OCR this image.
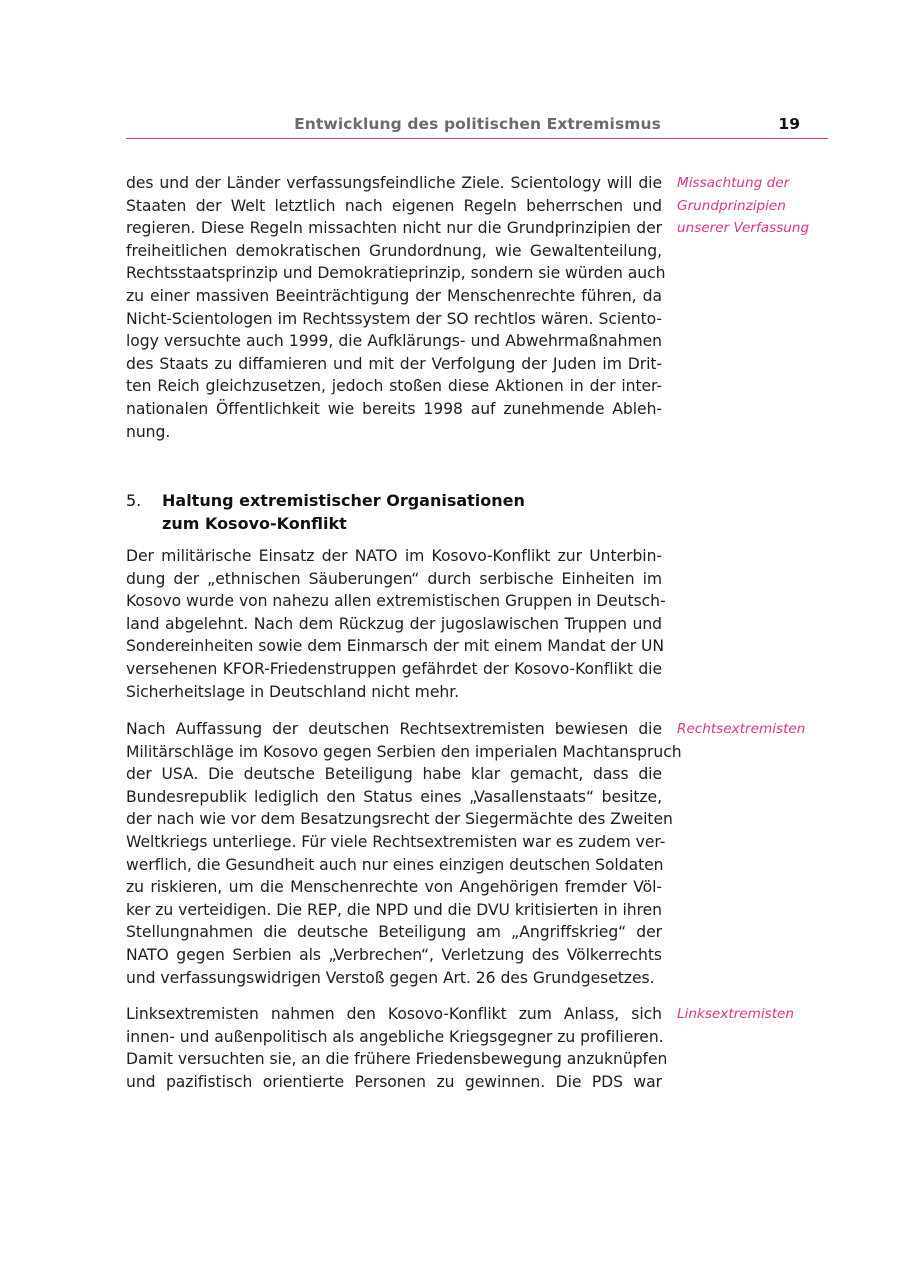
Entwicklung des politischen Extremismus	19
des und der Länder verfassungsfeindliche Ziele. Scientology will die
Staaten der Welt letztlich nach eigenen Regeln beherrschen und
regieren. Diese Regeln missachten nicht nur die Grundprinzipien der
freiheitlichen demokratischen Grundordnung, wie Gewaltenteilung,
Rechtsstaatsprinzip und Demokratieprinzip, sondern sie würden auch
zu einer massiven Beeinträchtigung der Menschenrechte führen, da
Nicht-Scientologen im Rechtssystem der SO rechtlos wären. Sciento-
logy versuchte auch 1999, die Aufklärungs- und Abwehrmaßnahmen
des Staats zu diffamieren und mit der Verfolgung der Juden im Drit-
ten Reich gleichzusetzen, jedoch stoßen diese Aktionen in der inter-
nationalen Öffentlichkeit wie bereits 1998 auf zunehmende Ableh-
nung.
Missachtung der
Grundprinzipien
unserer Verfassung
5. Haltung extremistischer Organisationen
zum Kosovo-Konflikt
Der militärische Einsatz der NATO im Kosovo-Konflikt zur Unterbin-
dung der „ethnischen Säuberungen“ durch serbische Einheiten im
Kosovo wurde von nahezu allen extremistischen Gruppen in Deutsch-
land abgelehnt. Nach dem Rückzug der jugoslawischen Truppen und
Sondereinheiten sowie dem Einmarsch der mit einem Mandat der UN
versehenen KFOR-Friedenstruppen gefährdet der Kosovo-Konflikt die
Sicherheitslage in Deutschland nicht mehr.
Nach Auffassung der deutschen Rechtsextremisten bewiesen die
Militärschläge im Kosovo gegen Serbien den imperialen Machtanspruch
der USA. Die deutsche Beteiligung habe klar gemacht, dass die
Bundesrepublik lediglich den Status eines „Vasallenstaats“ besitze,
der nach wie vor dem Besatzungsrecht der Siegermächte des Zweiten
Weltkriegs unterliege. Für viele Rechtsextremisten war es zudem ver-
werflich, die Gesundheit auch nur eines einzigen deutschen Soldaten
zu riskieren, um die Menschenrechte von Angehörigen fremder Völ-
ker zu verteidigen. Die REP, die NPD und die DVU kritisierten in ihren
Stellungnahmen die deutsche Beteiligung am „Angriffskrieg“ der
NATO gegen Serbien als „Verbrechen“, Verletzung des Völkerrechts
und verfassungswidrigen Verstoß gegen Art. 26 des Grundgesetzes.
Rechtsextremisten
Linksextremisten nahmen den Kosovo-Konflikt zum Anlass, sich
innen- und außenpolitisch als angebliche Kriegsgegner zu profilieren.
Damit versuchten sie, an die frühere Friedensbewegung anzuknüpfen
und pazifistisch orientierte Personen zu gewinnen. Die PDS war
Linksextremisten
